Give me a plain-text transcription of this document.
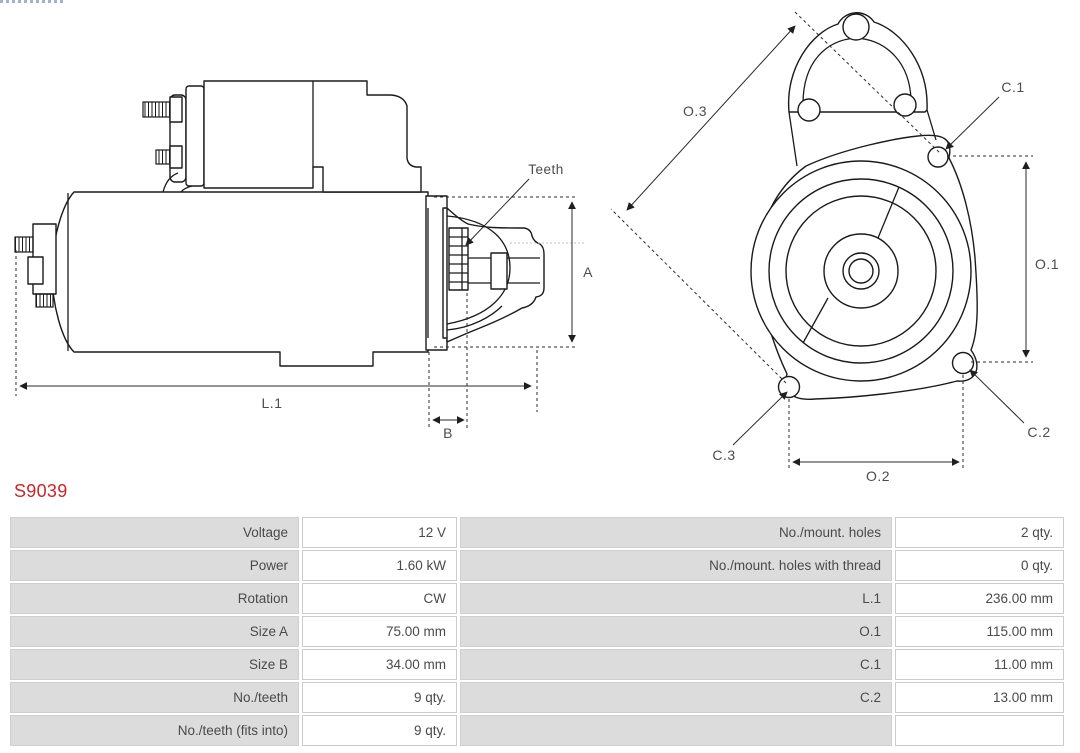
Teeth
A
L.1
B
O.3
C.1
O.1
C.2
C.3
O.2
S9039
Voltage	12 V	No./mount. holes	2 qty.
Power	1.60 kW	No./mount. holes with thread	0 qty.
Rotation	CW	L.1	236.00 mm
Size A	75.00 mm	O.1	115.00 mm
Size B	34.00 mm	C.1	11.00 mm
No./teeth	9 qty.	C.2	13.00 mm
No./teeth (fits into)	9 qty.
